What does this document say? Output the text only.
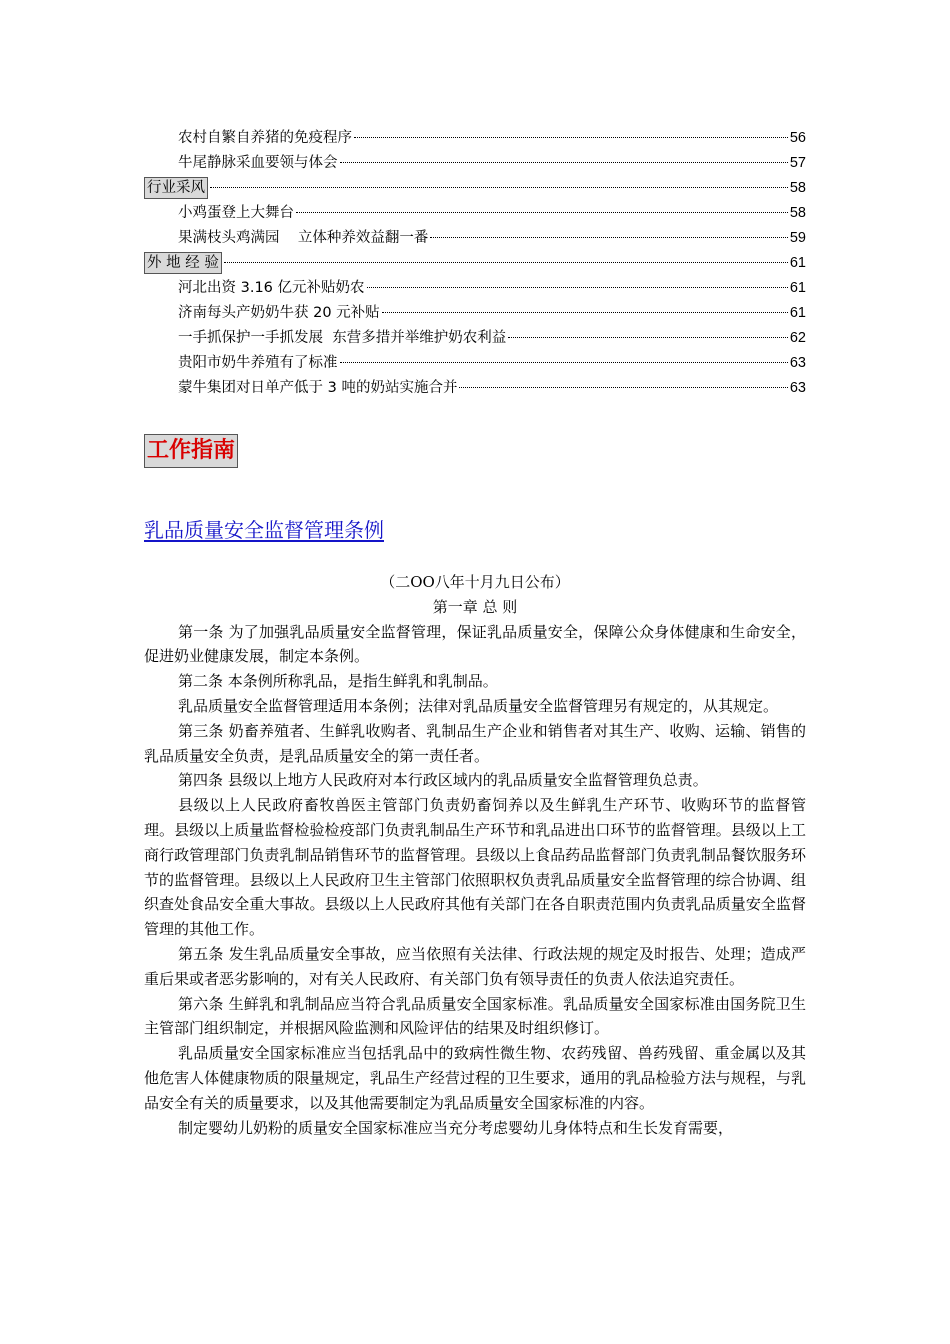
农村自繁自养猪的免疫程序	56
牛尾静脉采血要领与体会	57
行业采风	58
小鸡蛋登上大舞台	58
果满枝头鸡满园    立体种养效益翻一番	59
外 地 经 验	61
河北出资 3.16 亿元补贴奶农	61
济南每头产奶奶牛获 20 元补贴	61
一手抓保护一手抓发展  东营多措并举维护奶农利益	62
贵阳市奶牛养殖有了标准	63
蒙牛集团对日单产低于 3 吨的奶站实施合并	63
工作指南
乳品质量安全监督管理条例

（二OO八年十月九日公布）

第一章 总 则

第一条 为了加强乳品质量安全监督管理，保证乳品质量安全，保障公众身体健康和生命安全，促进奶业健康发展，制定本条例。

第二条 本条例所称乳品，是指生鲜乳和乳制品。

乳品质量安全监督管理适用本条例；法律对乳品质量安全监督管理另有规定的，从其规定。

第三条 奶畜养殖者、生鲜乳收购者、乳制品生产企业和销售者对其生产、收购、运输、销售的乳品质量安全负责，是乳品质量安全的第一责任者。

第四条 县级以上地方人民政府对本行政区域内的乳品质量安全监督管理负总责。

县级以上人民政府畜牧兽医主管部门负责奶畜饲养以及生鲜乳生产环节、收购环节的监督管理。县级以上质量监督检验检疫部门负责乳制品生产环节和乳品进出口环节的监督管理。县级以上工商行政管理部门负责乳制品销售环节的监督管理。县级以上食品药品监督部门负责乳制品餐饮服务环节的监督管理。县级以上人民政府卫生主管部门依照职权负责乳品质量安全监督管理的综合协调、组织查处食品安全重大事故。县级以上人民政府其他有关部门在各自职责范围内负责乳品质量安全监督管理的其他工作。

第五条 发生乳品质量安全事故，应当依照有关法律、行政法规的规定及时报告、处理；造成严重后果或者恶劣影响的，对有关人民政府、有关部门负有领导责任的负责人依法追究责任。

第六条 生鲜乳和乳制品应当符合乳品质量安全国家标准。乳品质量安全国家标准由国务院卫生主管部门组织制定，并根据风险监测和风险评估的结果及时组织修订。

乳品质量安全国家标准应当包括乳品中的致病性微生物、农药残留、兽药残留、重金属以及其他危害人体健康物质的限量规定，乳品生产经营过程的卫生要求，通用的乳品检验方法与规程，与乳品安全有关的质量要求，以及其他需要制定为乳品质量安全国家标准的内容。

制定婴幼儿奶粉的质量安全国家标准应当充分考虑婴幼儿身体特点和生长发育需要，
